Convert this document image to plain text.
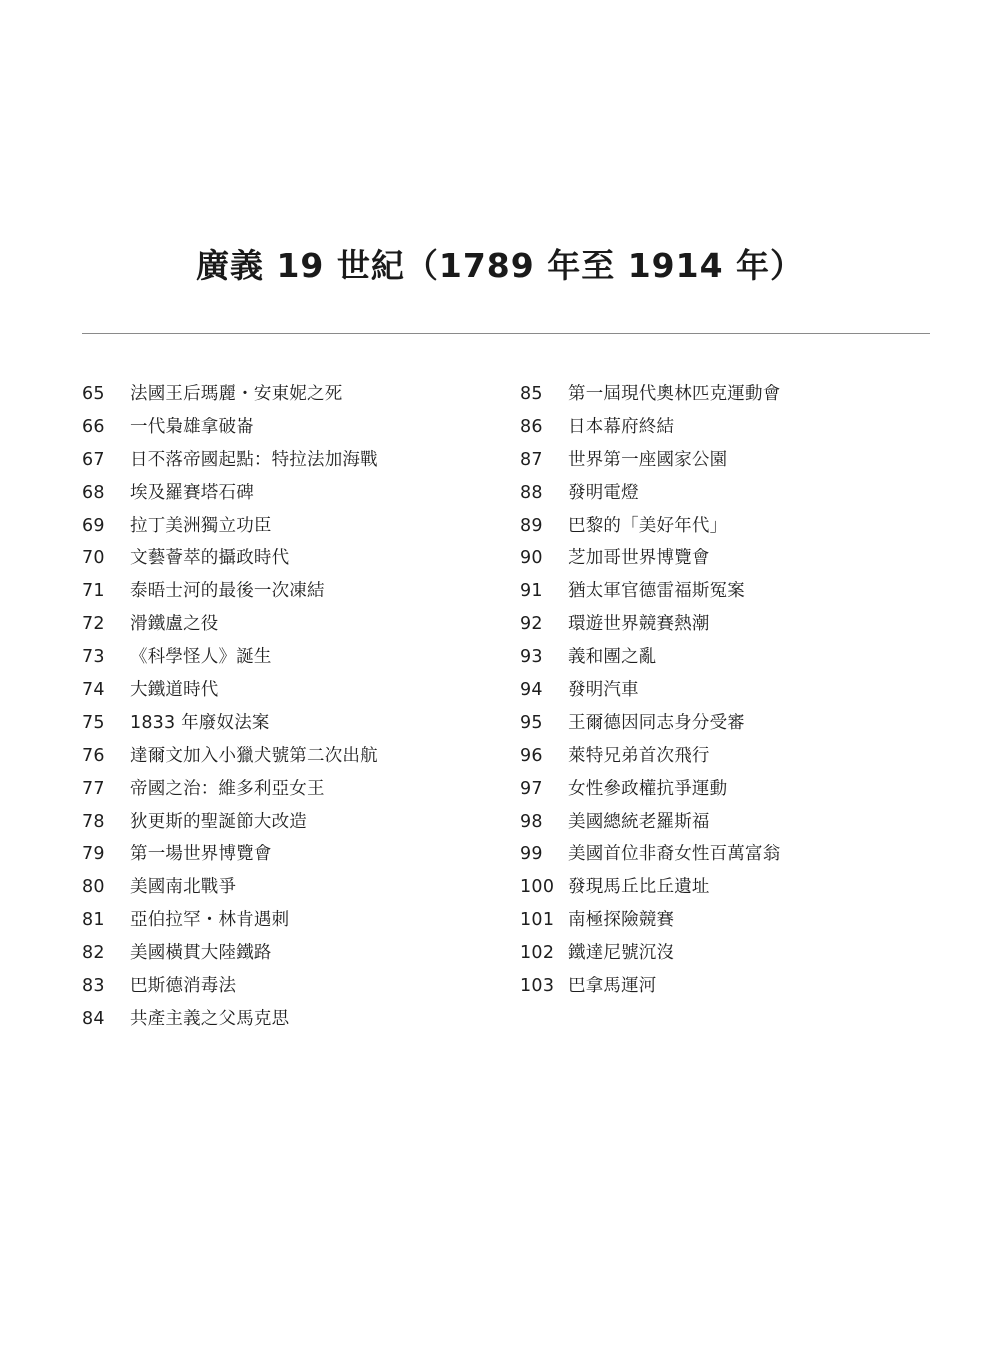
廣義 19 世紀（1789 年至 1914 年）
65	法國王后瑪麗・安東妮之死
66	一代梟雄拿破崙
67	日不落帝國起點：特拉法加海戰
68	埃及羅賽塔石碑
69	拉丁美洲獨立功臣
70	文藝薈萃的攝政時代
71	泰晤士河的最後一次凍結
72	滑鐵盧之役
73	《科學怪人》誕生
74	大鐵道時代
75	1833 年廢奴法案
76	達爾文加入小獵犬號第二次出航
77	帝國之治：維多利亞女王
78	狄更斯的聖誕節大改造
79	第一場世界博覽會
80	美國南北戰爭
81	亞伯拉罕・林肯遇刺
82	美國橫貫大陸鐵路
83	巴斯德消毒法
84	共產主義之父馬克思
85	第一屆現代奧林匹克運動會
86	日本幕府終結
87	世界第一座國家公園
88	發明電燈
89	巴黎的「美好年代」
90	芝加哥世界博覽會
91	猶太軍官德雷福斯冤案
92	環遊世界競賽熱潮
93	義和團之亂
94	發明汽車
95	王爾德因同志身分受審
96	萊特兄弟首次飛行
97	女性參政權抗爭運動
98	美國總統老羅斯福
99	美國首位非裔女性百萬富翁
100 發現馬丘比丘遺址
101 南極探險競賽
102 鐵達尼號沉沒
103 巴拿馬運河
